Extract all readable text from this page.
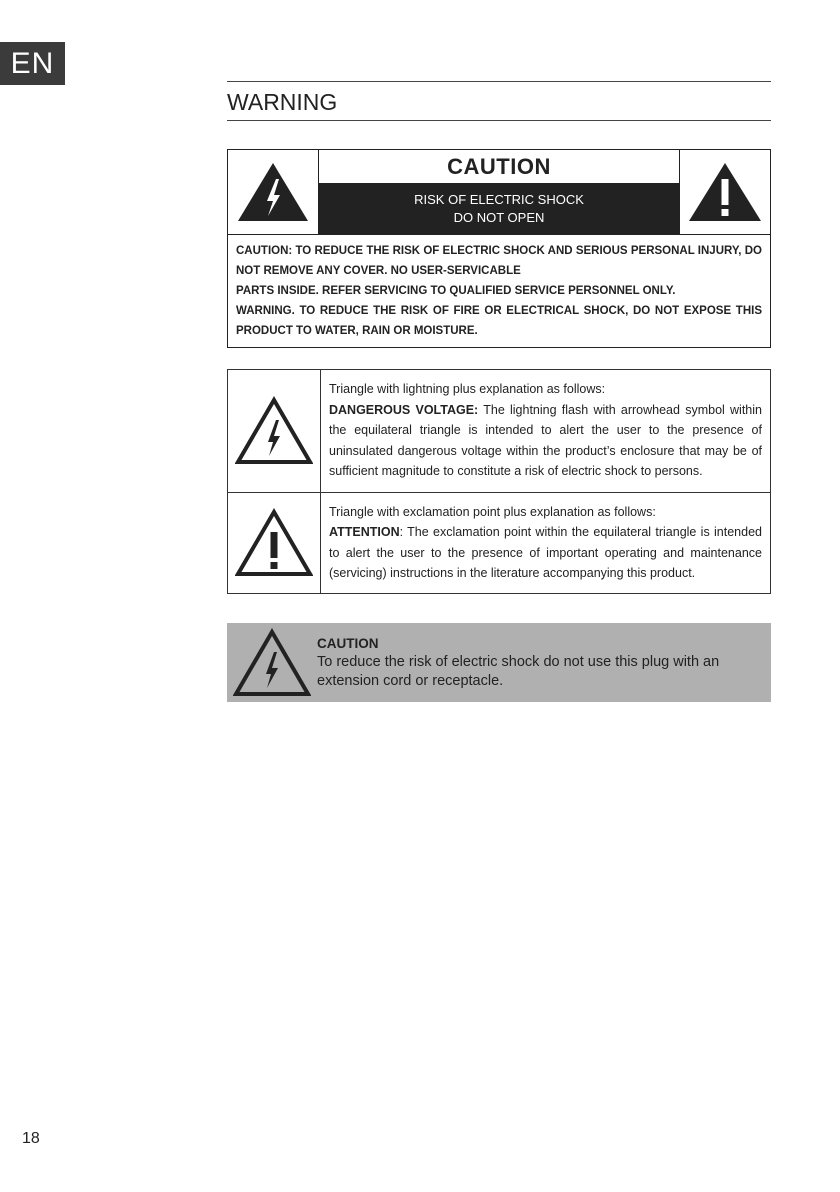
EN
WARNING
CAUTION
RISK OF ELECTRIC SHOCK
DO NOT OPEN

CAUTION: TO REDUCE THE RISK OF ELECTRIC SHOCK AND SERIOUS PERSONAL INJURY, DO NOT REMOVE ANY COVER. NO USER-SERVICABLE

PARTS INSIDE. REFER SERVICING TO QUALIFIED SERVICE PERSONNEL ONLY.

WARNING. TO REDUCE THE RISK OF FIRE OR ELECTRICAL SHOCK, DO NOT EXPOSE THIS PRODUCT TO WATER, RAIN OR MOISTURE.

Triangle with lightning plus explanation as follows:

DANGEROUS VOLTAGE: The lightning flash with arrowhead symbol within the equilateral triangle is intended to alert the user to the presence of uninsulated dangerous voltage within the product’s enclosure that may be of sufficient magnitude to constitute a risk of electric shock to persons.

Triangle with exclamation point plus explanation as follows:

ATTENTION: The exclamation point within the equilateral triangle is intended to alert the user to the presence of important operating and maintenance (servicing) instructions in the literature accompanying this product.

CAUTION
To reduce the risk of electric shock do not use this plug with an extension cord or receptacle.
18
